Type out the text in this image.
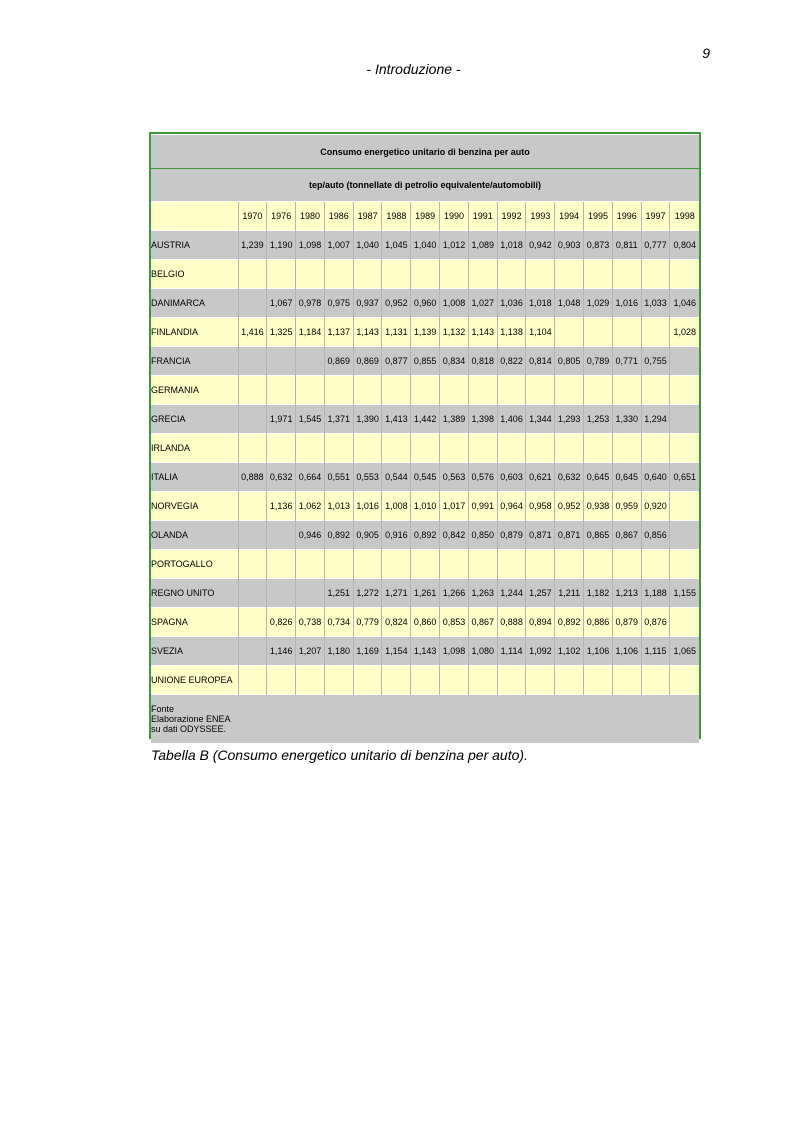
9
- Introduzione -
Consumo energetico unitario di benzina per auto																
tep/auto (tonnellate di petrolio equivalente/automobili)																
	1970	1976	1980	1986	1987	1988	1989	1990	1991	1992	1993	1994	1995	1996	1997	1998
AUSTRIA	1,239	1,190	1,098	1,007	1,040	1,045	1,040	1,012	1,089	1,018	0,942	0,903	0,873	0,811	0,777	0,804
BELGIO																
DANIMARCA		1,067	0,978	0,975	0,937	0,952	0,960	1,008	1,027	1,036	1,018	1,048	1,029	1,016	1,033	1,046
FINLANDIA	1,416	1,325	1,184	1,137	1,143	1,131	1,139	1,132	1,143	1,138	1,104					1,028
FRANCIA				0,869	0,869	0,877	0,855	0,834	0,818	0,822	0,814	0,805	0,789	0,771	0,755	
GERMANIA																
GRECIA		1,971	1,545	1,371	1,390	1,413	1,442	1,389	1,398	1,406	1,344	1,293	1,253	1,330	1,294	
IRLANDA																
ITALIA	0,888	0,632	0,664	0,551	0,553	0,544	0,545	0,563	0,576	0,603	0,621	0,632	0,645	0,645	0,640	0,651
NORVEGIA		1,136	1,062	1,013	1,016	1,008	1,010	1,017	0,991	0,964	0,958	0,952	0,938	0,959	0,920	
OLANDA			0,946	0,892	0,905	0,916	0,892	0,842	0,850	0,879	0,871	0,871	0,865	0,867	0,856	
PORTOGALLO																
REGNO UNITO				1,251	1,272	1,271	1,261	1,266	1,263	1,244	1,257	1,211	1,182	1,213	1,188	1,155
SPAGNA		0,826	0,738	0,734	0,779	0,824	0,860	0,853	0,867	0,888	0,894	0,892	0,886	0,879	0,876	
SVEZIA		1,146	1,207	1,180	1,169	1,154	1,143	1,098	1,080	1,114	1,092	1,102	1,106	1,106	1,115	1,065
UNIONE EUROPEA																

Fonte
Elaborazione ENEA
su dati ODYSSEE.																

Tabella B (Consumo energetico unitario di benzina per auto).
